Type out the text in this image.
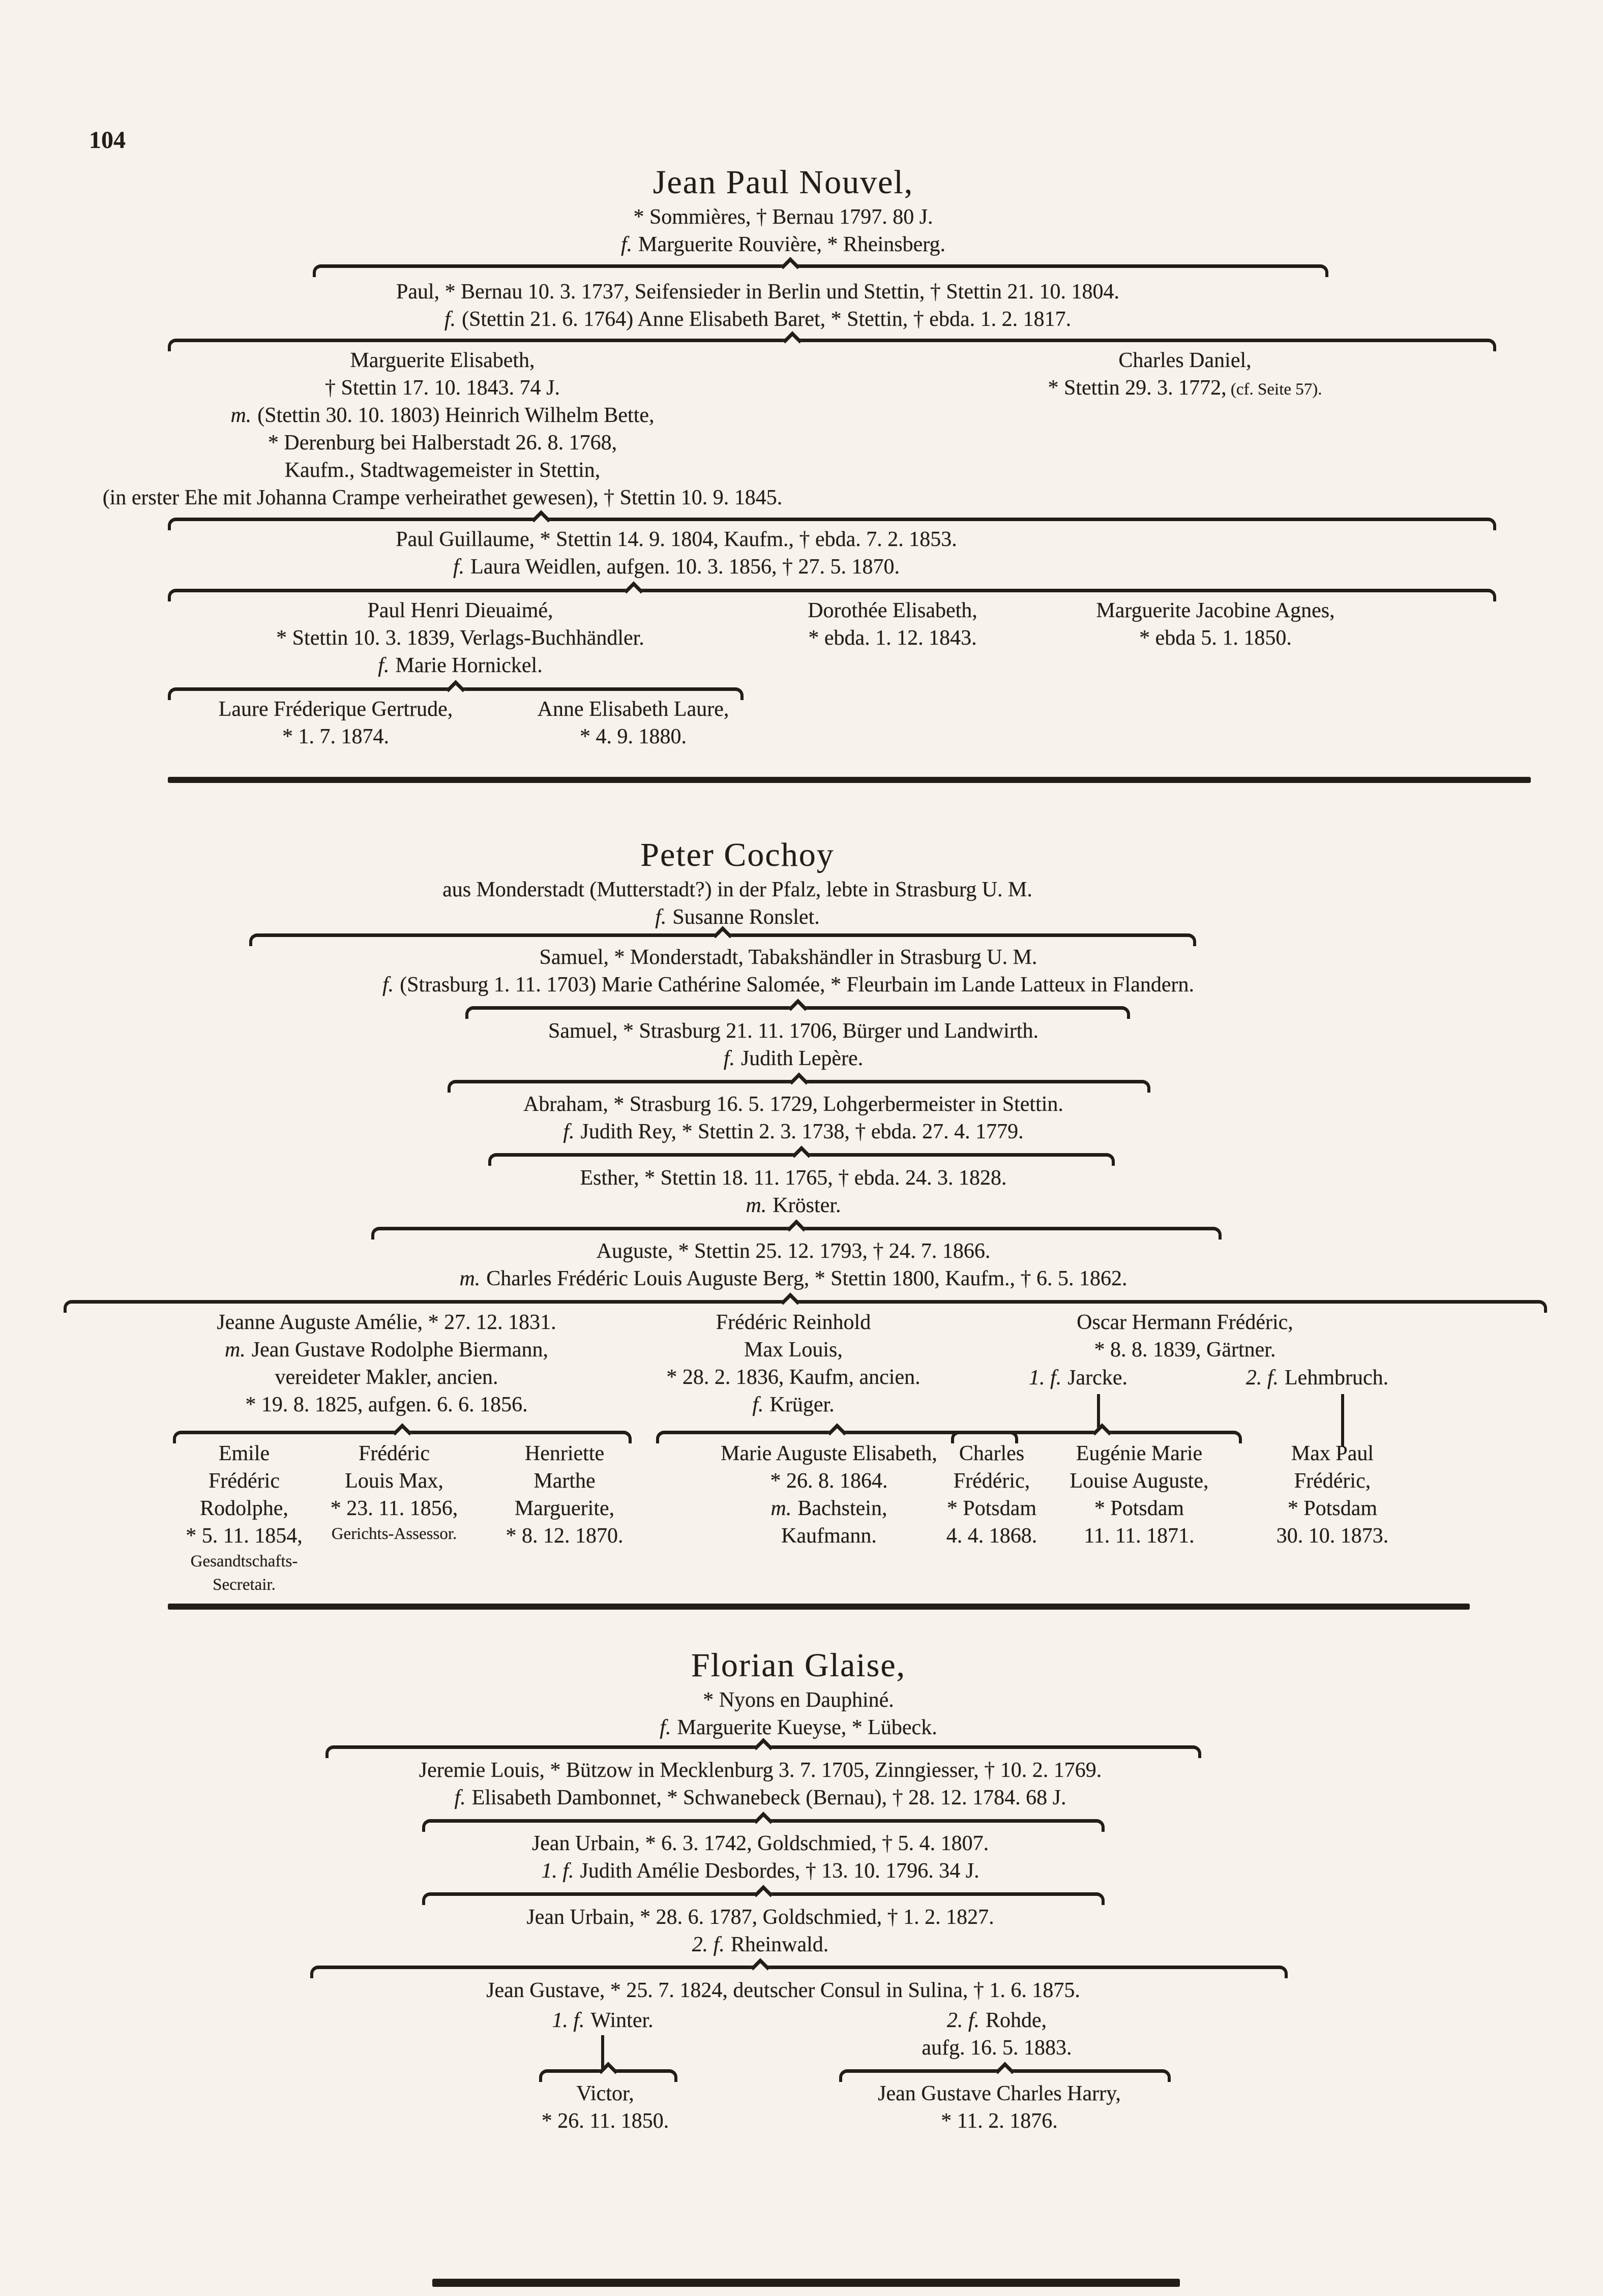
104
Jean Paul Nouvel,
* Sommières, † Bernau 1797. 80 J.
f. Marguerite Rouvière, * Rheinsberg.
Paul, * Bernau 10. 3. 1737, Seifensieder in Berlin und Stettin, † Stettin 21. 10. 1804.
f. (Stettin 21. 6. 1764) Anne Elisabeth Baret, * Stettin, † ebda. 1. 2. 1817.
Marguerite Elisabeth,
† Stettin 17. 10. 1843. 74 J.
m. (Stettin 30. 10. 1803) Heinrich Wilhelm Bette,
* Derenburg bei Halberstadt 26. 8. 1768,
Kaufm., Stadtwagemeister in Stettin,
(in erster Ehe mit Johanna Crampe verheirathet gewesen), † Stettin 10. 9. 1845.
Charles Daniel,
* Stettin 29. 3. 1772, (cf. Seite 57).
Paul Guillaume, * Stettin 14. 9. 1804, Kaufm., † ebda. 7. 2. 1853.
f. Laura Weidlen, aufgen. 10. 3. 1856, † 27. 5. 1870.
Paul Henri Dieuaimé,
* Stettin 10. 3. 1839, Verlags-Buchhändler.
f. Marie Hornickel.
Dorothée Elisabeth,
* ebda. 1. 12. 1843.
Marguerite Jacobine Agnes,
* ebda 5. 1. 1850.
Laure Fréderique Gertrude,
* 1. 7. 1874.
Anne Elisabeth Laure,
* 4. 9. 1880.
Peter Cochoy
aus Monderstadt (Mutterstadt?) in der Pfalz, lebte in Strasburg U. M.
f. Susanne Ronslet.
Samuel, * Monderstadt, Tabakshändler in Strasburg U. M.
f. (Strasburg 1. 11. 1703) Marie Cathérine Salomée, * Fleurbain im Lande Latteux in Flandern.
Samuel, * Strasburg 21. 11. 1706, Bürger und Landwirth.
f. Judith Lepère.
Abraham, * Strasburg 16. 5. 1729, Lohgerbermeister in Stettin.
f. Judith Rey, * Stettin 2. 3. 1738, † ebda. 27. 4. 1779.
Esther, * Stettin 18. 11. 1765, † ebda. 24. 3. 1828.
m. Kröster.
Auguste, * Stettin 25. 12. 1793, † 24. 7. 1866.
m. Charles Frédéric Louis Auguste Berg, * Stettin 1800, Kaufm., † 6. 5. 1862.
Jeanne Auguste Amélie, * 27. 12. 1831.
m. Jean Gustave Rodolphe Biermann,
vereideter Makler, ancien.
* 19. 8. 1825, aufgen. 6. 6. 1856.
Frédéric Reinhold
Max Louis,
* 28. 2. 1836, Kaufm, ancien.
f. Krüger.
Oscar Hermann Frédéric,
* 8. 8. 1839, Gärtner.
1. f. Jarcke.	2. f. Lehmbruch.
Emile
Frédéric
Rodolphe,
* 5. 11. 1854,
Gesandtschafts-
Secretair.
Frédéric
Louis Max,
* 23. 11. 1856,
Gerichts-Assessor.
Henriette
Marthe
Marguerite,
* 8. 12. 1870.
Marie Auguste Elisabeth,
* 26. 8. 1864.
m. Bachstein,
Kaufmann.
Charles
Frédéric,
* Potsdam
4. 4. 1868.
Eugénie Marie
Louise Auguste,
* Potsdam
11. 11. 1871.
Max Paul
Frédéric,
* Potsdam
30. 10. 1873.
Florian Glaise,
* Nyons en Dauphiné.
f. Marguerite Kueyse, * Lübeck.
Jeremie Louis, * Bützow in Mecklenburg 3. 7. 1705, Zinngiesser, † 10. 2. 1769.
f. Elisabeth Dambonnet, * Schwanebeck (Bernau), † 28. 12. 1784. 68 J.
Jean Urbain, * 6. 3. 1742, Goldschmied, † 5. 4. 1807.
1. f. Judith Amélie Desbordes, † 13. 10. 1796. 34 J.
Jean Urbain, * 28. 6. 1787, Goldschmied, † 1. 2. 1827.
2. f. Rheinwald.
Jean Gustave, * 25. 7. 1824, deutscher Consul in Sulina, † 1. 6. 1875.
1. f. Winter.	2. f. Rohde,
aufg. 16. 5. 1883.
Victor,
* 26. 11. 1850.
Jean Gustave Charles Harry,
* 11. 2. 1876.
